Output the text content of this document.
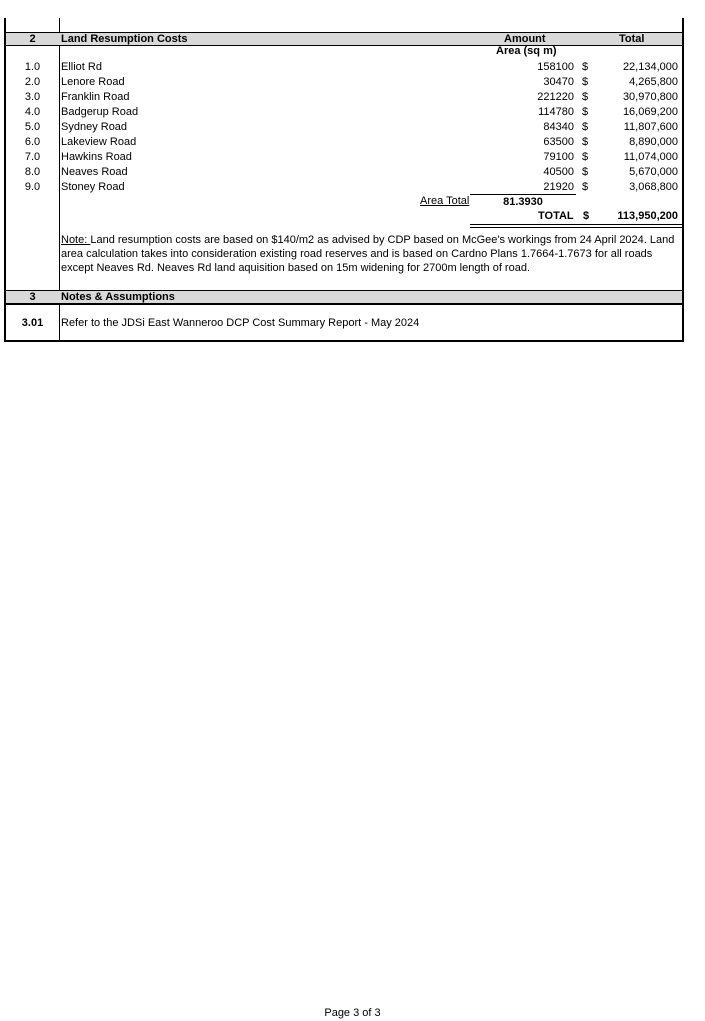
2	Land Resumption Costs	Amount	Total
Area (sq m)
1.0	Elliot Rd	158100 $	22,134,000
2.0	Lenore Road	30470 $	4,265,800
3.0	Franklin Road	221220 $	30,970,800
4.0	Badgerup Road	114780 $	16,069,200
5.0	Sydney Road	84340 $	11,807,600
6.0	Lakeview Road	63500 $	8,890,000
7.0	Hawkins Road	79100 $	11,074,000
8.0	Neaves Road	40500 $	5,670,000
9.0	Stoney Road	21920 $	3,068,800
Area Total	81.3930
TOTAL $	113,950,200
Note: Land resumption costs are based on $140/m2 as advised by CDP based on McGee's workings from 24 April 2024. Land area calculation takes into consideration existing road reserves and is based on Cardno Plans 1.7664-1.7673 for all roads except Neaves Rd. Neaves Rd land aquisition based on 15m widening for 2700m length of road.
3	Notes & Assumptions
3.01	Refer to the JDSi East Wanneroo DCP Cost Summary Report - May 2024
Page 3 of 3
